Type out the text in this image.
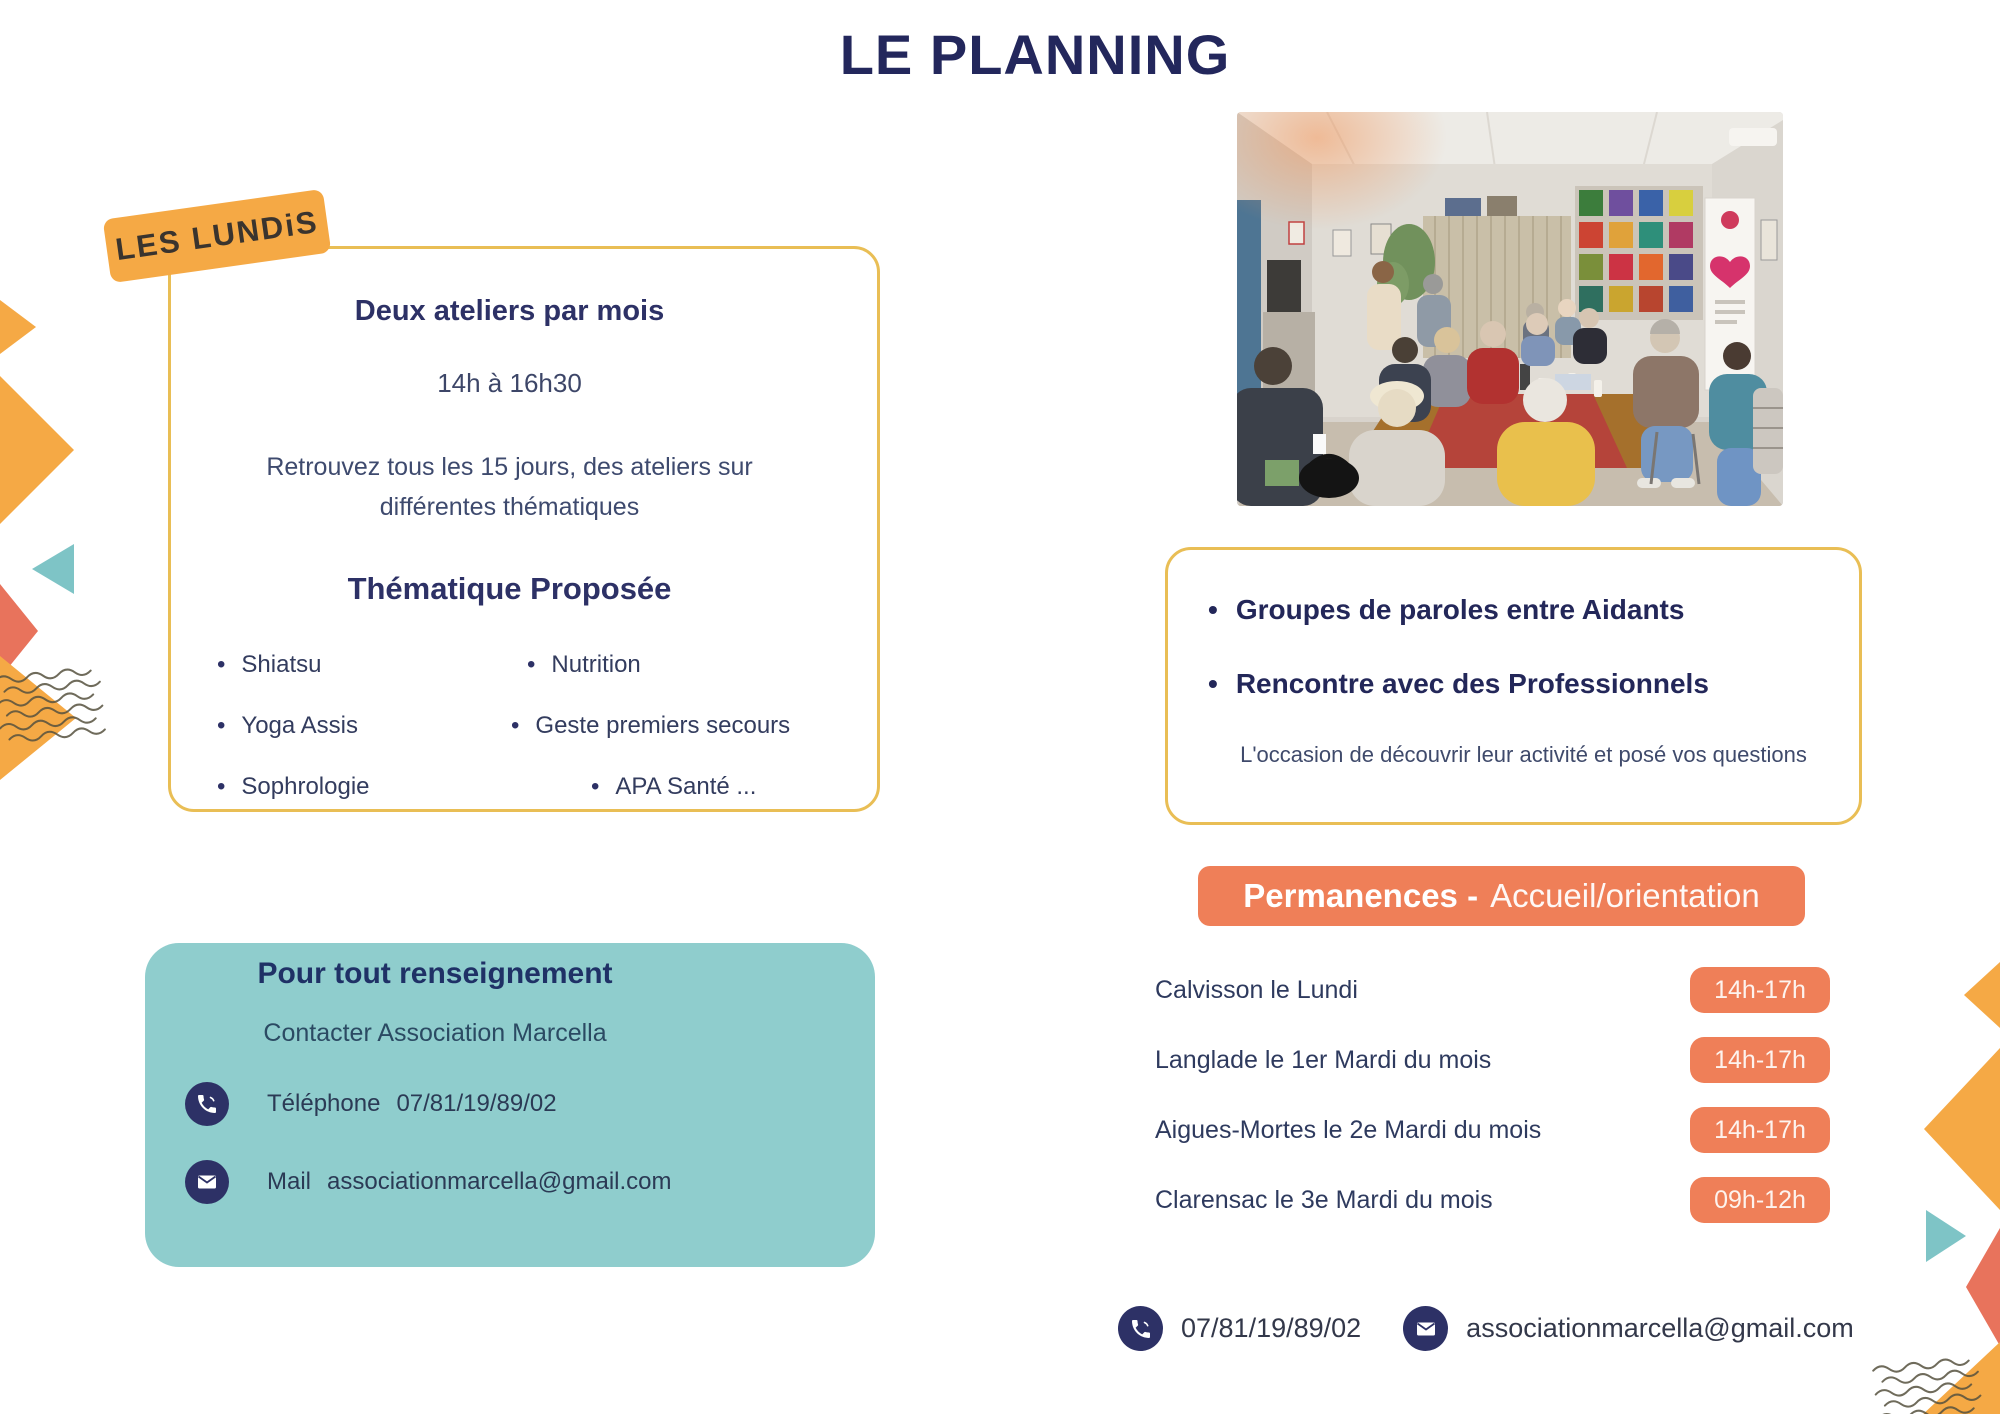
LE PLANNING
LES LUNDiS
Deux ateliers par mois
14h à 16h30
Retrouvez tous les 15 jours, des ateliers sur
différentes thématiques
Thématique Proposée
• Shiatsu
• Yoga Assis
• Sophrologie
• Nutrition
• Geste premiers secours
• APA Santé ...
Pour tout renseignement
Contacter Association Marcella
Téléphone 07/81/19/89/02
Mail associationmarcella@gmail.com
• Groupes de paroles entre Aidants
• Rencontre avec des Professionnels

L'occasion de découvrir leur activité et posé vos questions

Permanences - Accueil/orientation
Calvisson le Lundi	14h-17h
Langlade le 1er Mardi du mois	14h-17h
Aigues-Mortes le 2e Mardi du mois	14h-17h
Clarensac le 3e Mardi du mois	09h-12h
07/81/19/89/02	associationmarcella@gmail.com
